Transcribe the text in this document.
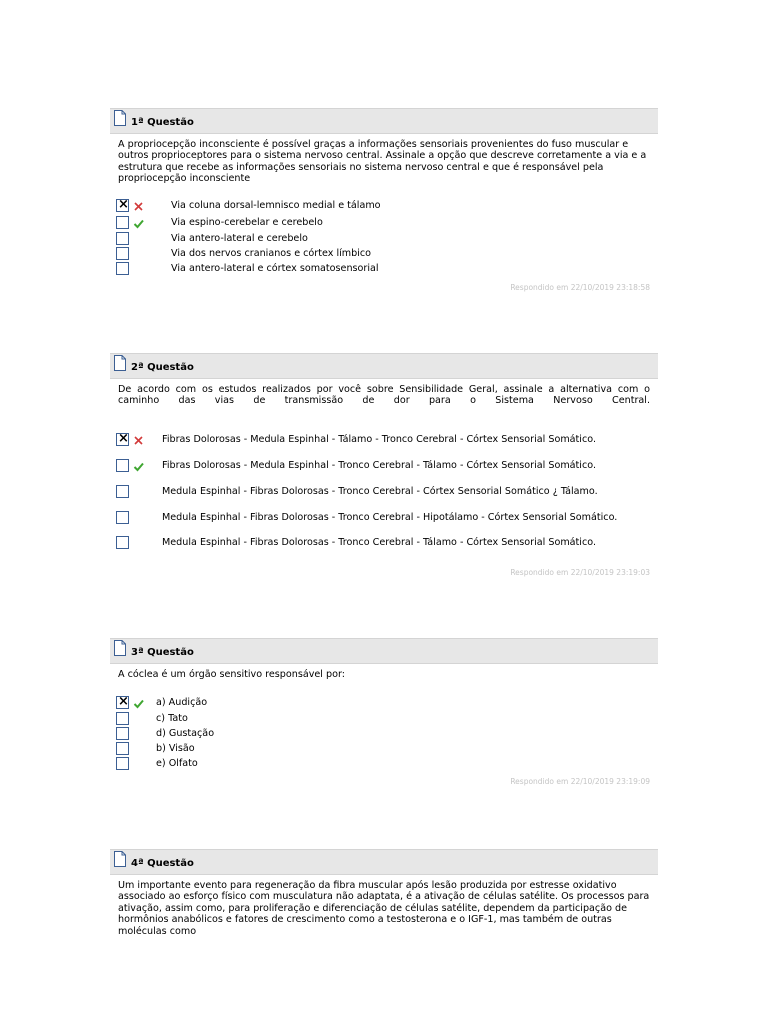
1ª Questão
A propriocepção inconsciente é possível graças a informações sensoriais provenientes do fuso muscular e outros proprioceptores para o sistema nervoso central. Assinale a opção que descreve corretamente a via e a estrutura que recebe as informações sensoriais no sistema nervoso central e que é responsável pela propriocepção inconsciente
×
Via coluna dorsal-lemnisco medial e tálamo
Via espino-cerebelar e cerebelo
Via antero-lateral e cerebelo
Via dos nervos cranianos e córtex límbico
Via antero-lateral e córtex somatosensorial
Respondido em 22/10/2019 23:18:58
2ª Questão
De acordo com os estudos realizados por você sobre Sensibilidade Geral, assinale a alternativa com o caminho das vias de transmissão de dor para o Sistema Nervoso Central.
×
Fibras Dolorosas - Medula Espinhal - Tálamo - Tronco Cerebral - Córtex Sensorial Somático.
Fibras Dolorosas - Medula Espinhal - Tronco Cerebral - Tálamo - Córtex Sensorial Somático.
Medula Espinhal - Fibras Dolorosas - Tronco Cerebral - Córtex Sensorial Somático ¿ Tálamo.
Medula Espinhal - Fibras Dolorosas - Tronco Cerebral - Hipotálamo - Córtex Sensorial Somático.
Medula Espinhal - Fibras Dolorosas - Tronco Cerebral - Tálamo - Córtex Sensorial Somático.
Respondido em 22/10/2019 23:19:03
3ª Questão
A cóclea é um órgão sensitivo responsável por:
×
a) Audição
c) Tato
d) Gustação
b) Visão
e) Olfato
Respondido em 22/10/2019 23:19:09
4ª Questão
Um importante evento para regeneração da fibra muscular após lesão produzida por estresse oxidativo associado ao esforço físico com musculatura não adaptata, é a ativação de células satélite. Os processos para ativação, assim como, para proliferação e diferenciação de células satélite, dependem da participação de hormônios anabólicos e fatores de crescimento como a testosterona e o IGF-1, mas também de outras moléculas como
